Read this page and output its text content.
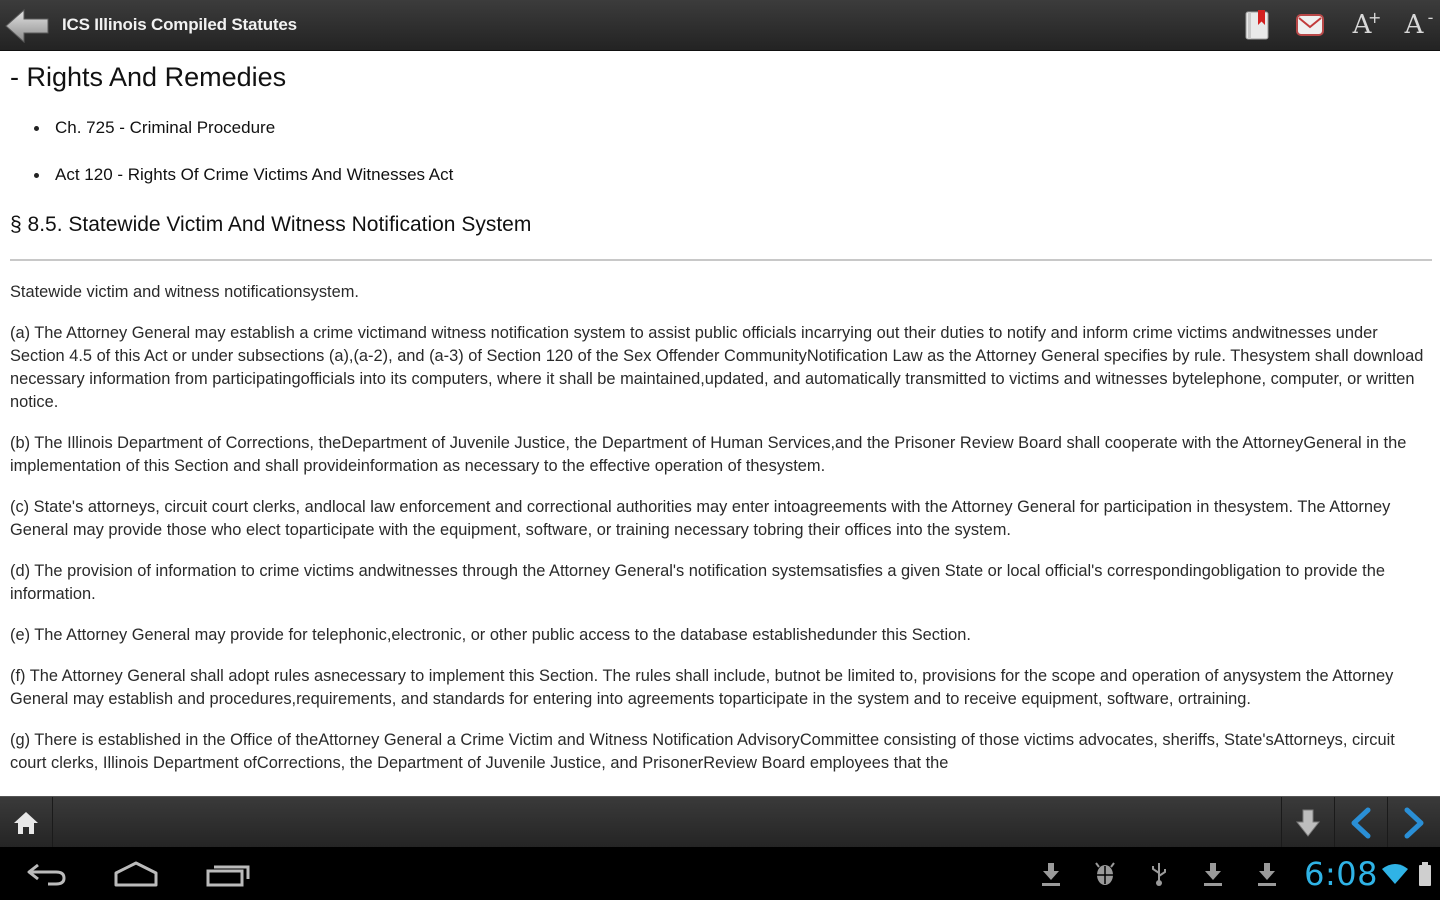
ICS Illinois Compiled Statutes	A
+ A -
- Rights And Remedies
Ch. 725 - Criminal Procedure
Act 120 - Rights Of Crime Victims And Witnesses Act
§ 8.5. Statewide Victim And Witness Notification System

Statewide victim and witness notificationsystem.

(a) The Attorney General may establish a crime victimand witness notification system to assist public officials incarrying out their duties to notify and inform crime victims andwitnesses under Section 4.5 of this Act or under subsections (a),(a-2), and (a-3) of Section 120 of the Sex Offender CommunityNotification Law as the Attorney General specifies by rule. Thesystem shall download necessary information from participatingofficials into its computers, where it shall be maintained,updated, and automatically transmitted to victims and witnesses bytelephone, computer, or written notice.

(b) The Illinois Department of Corrections, theDepartment of Juvenile Justice, the Department of Human Services,and the Prisoner Review Board shall cooperate with the AttorneyGeneral in the implementation of this Section and shall provideinformation as necessary to the effective operation of thesystem.

(c) State's attorneys, circuit court clerks, andlocal law enforcement and correctional authorities may enter intoagreements with the Attorney General for participation in thesystem. The Attorney General may provide those who elect toparticipate with the equipment, software, or training necessary tobring their offices into the system.

(d) The provision of information to crime victims andwitnesses through the Attorney General's notification systemsatisfies a given State or local official's correspondingobligation to provide the information.

(e) The Attorney General may provide for telephonic,electronic, or other public access to the database establishedunder this Section.

(f) The Attorney General shall adopt rules asnecessary to implement this Section. The rules shall include, butnot be limited to, provisions for the scope and operation of anysystem the Attorney General may establish and procedures,requirements, and standards for entering into agreements toparticipate in the system and to receive equipment, software, ortraining.

(g) There is established in the Office of theAttorney General a Crime Victim and Witness Notification AdvisoryCommittee consisting of those victims advocates, sheriffs, State'sAttorneys, circuit court clerks, Illinois Department ofCorrections, the Department of Juvenile Justice, and PrisonerReview Board employees that the

6:08
